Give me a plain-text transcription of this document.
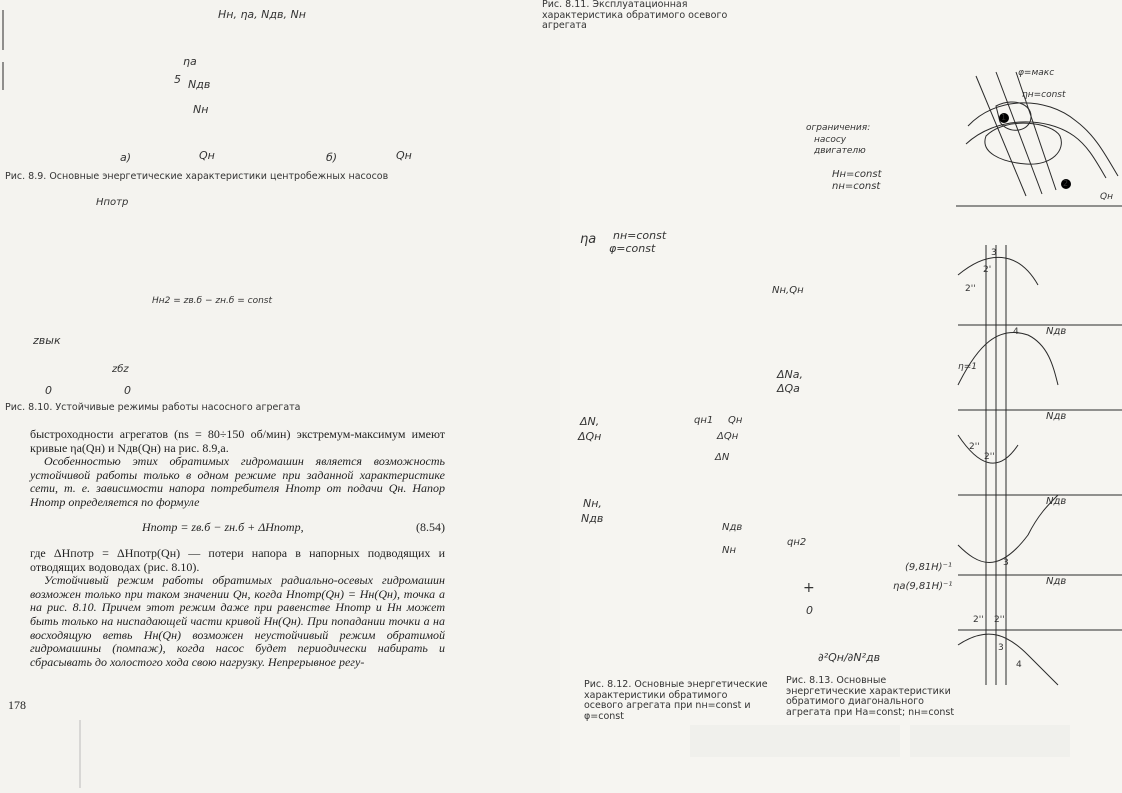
Hн, ηа, Nдв, Nн
ηа
5 Nдв
Nн
а)	Qн	б)	Qн
Рис. 8.9. Основные энергетические характеристики центробежных насосов
Hпотр
Hн2 = zв.б − zн.б = const
zвык
zбz
0	0
Рис. 8.10. Устойчивые режимы работы насосного агрегата

быстроходности агрегатов (ns = 80÷150 об/мин) экстремум-максимум имеют кривые ηа(Qн) и Nдв(Qн) на рис. 8.9,а.

Особенностью этих обратимых гидромашин является возможность устойчивой работы только в одном режиме при заданной характеристике сети, т. е. зависимости напора потребителя Hпотр от подачи Qн. Напор Hпотр определяется по формуле

Hпотр = zв.б − zн.б + ΔHпотр,	(8.54)

где ΔHпотр = ΔHпотр(Qн) — потери напора в напорных подводящих и отводящих водоводах (рис. 8.10).

Устойчивый режим работы обратимых радиально-осевых гидромашин возможен только при таком значении Qн, когда Hпотр(Qн) = Hн(Qн), точка а на рис. 8.10. Причем этот режим даже при равенстве Hпотр и Hн может быть только на ниспадающей части кривой Hн(Qн). При попадании точки а на восходящую ветвь Hн(Qн) возможен неустойчивый режим обратимой гидромашины (помпаж), когда насос будет периодически набирать и сбрасывать до холостого хода свою нагрузку. Непрерывное регу-

178
Рис. 8.11. Эксплуатационная характеристика обратимого осевого агрегата
φ=макс
ηн=const
1
2
Qн
ограничения:
насосу
двигателю
Hн=const
nн=const
ηа nн=const
φ=const
Nн,Qн
ΔNа,
ΔQа
ΔN,
ΔQн
qн1 Qн
ΔQн
ΔN
Nн,
Nдв
Nдв
Nн
qн2
Рис. 8.12. Основные энергетические характеристики обратимого осевого агрегата при nн=const и φ=const
3
2'
2''
4	Nдв
η=1
Nдв
2''
2'''
Nдв
3
Nдв
(9,81H)⁻¹
ηа(9,81H)⁻¹
+
0
2'' 2'''
3
4
∂²Qн/∂N²дв
Рис. 8.13. Основные энергетические характеристики обратимого диагонального агрегата при Hа=const; nн=const
